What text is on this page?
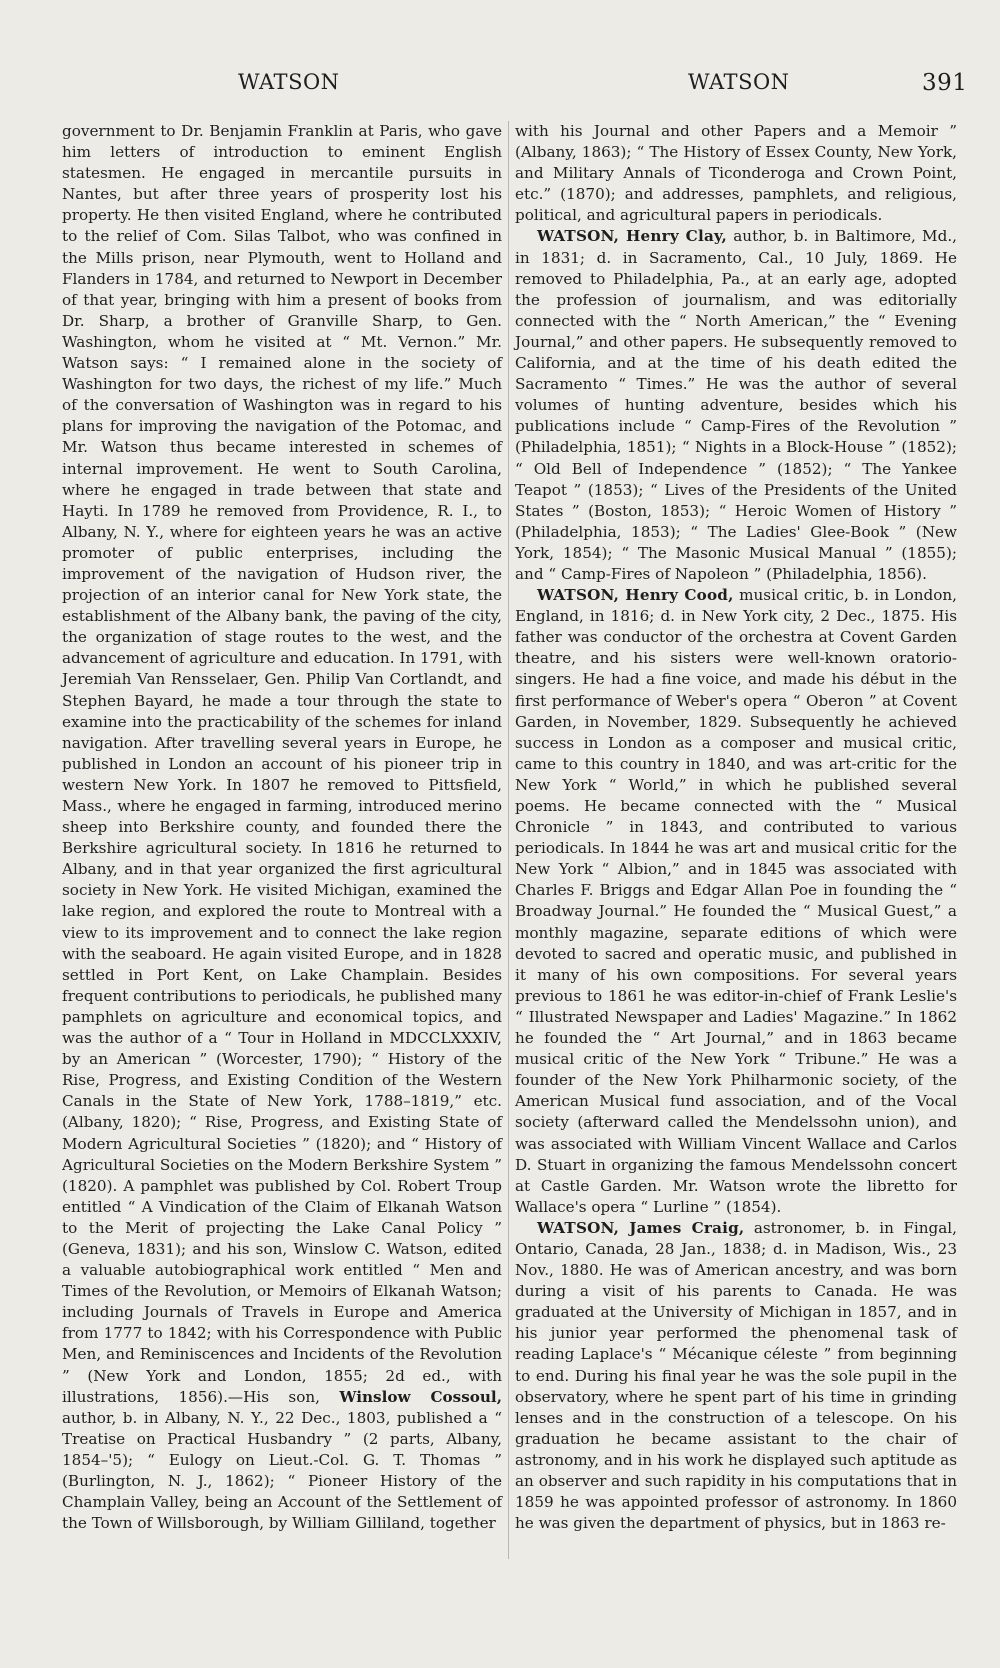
WATSON	WATSON	391

government to Dr. Benjamin Franklin at Paris, who gave him letters of introduction to eminent English statesmen. He engaged in mercantile pursuits in Nantes, but after three years of prosperity lost his property. He then visited England, where he contributed to the relief of Com. Silas Talbot, who was confined in the Mills prison, near Plymouth, went to Holland and Flanders in 1784, and returned to Newport in December of that year, bringing with him a present of books from Dr. Sharp, a brother of Granville Sharp, to Gen. Washington, whom he visited at “ Mt. Vernon.” Mr. Watson says: “ I remained alone in the society of Washington for two days, the richest of my life.” Much of the conversation of Washington was in regard to his plans for improving the navigation of the Potomac, and Mr. Watson thus became interested in schemes of internal improvement. He went to South Carolina, where he engaged in trade between that state and Hayti. In 1789 he removed from Providence, R. I., to Albany, N. Y., where for eighteen years he was an active promoter of public enterprises, including the improvement of the navigation of Hudson river, the projection of an interior canal for New York state, the establishment of the Albany bank, the paving of the city, the organization of stage routes to the west, and the advancement of agriculture and education. In 1791, with Jeremiah Van Rensselaer, Gen. Philip Van Cortlandt, and Stephen Bayard, he made a tour through the state to examine into the practicability of the schemes for inland navigation. After travelling several years in Europe, he published in London an account of his pioneer trip in western New York. In 1807 he removed to Pittsfield, Mass., where he engaged in farming, introduced merino sheep into Berkshire county, and founded there the Berkshire agricultural society. In 1816 he returned to Albany, and in that year organized the first agricultural society in New York. He visited Michigan, examined the lake region, and explored the route to Montreal with a view to its improvement and to connect the lake region with the seaboard. He again visited Europe, and in 1828 settled in Port Kent, on Lake Champlain. Besides frequent contributions to periodicals, he published many pamphlets on agriculture and economical topics, and was the author of a “ Tour in Holland in MDCCLXXXIV, by an American ” (Worcester, 1790); “ History of the Rise, Progress, and Existing Condition of the Western Canals in the State of New York, 1788–1819,” etc. (Albany, 1820); “ Rise, Progress, and Existing State of Modern Agricultural Societies ” (1820); and “ History of Agricultural Societies on the Modern Berkshire System ” (1820). A pamphlet was published by Col. Robert Troup entitled “ A Vindication of the Claim of Elkanah Watson to the Merit of projecting the Lake Canal Policy ” (Geneva, 1831); and his son, Winslow C. Watson, edited a valuable autobiographical work entitled “ Men and Times of the Revolution, or Memoirs of Elkanah Watson; including Journals of Travels in Europe and America from 1777 to 1842; with his Correspondence with Public Men, and Reminiscences and Incidents of the Revolution ” (New York and London, 1855; 2d ed., with illustrations, 1856).—His son, Winslow Cossoul, author, b. in Albany, N. Y., 22 Dec., 1803, published a “ Treatise on Practical Husbandry ” (2 parts, Albany, 1854–'5); “ Eulogy on Lieut.-Col. G. T. Thomas ” (Burlington, N. J., 1862); “ Pioneer History of the Champlain Valley, being an Account of the Settlement of the Town of Willsborough, by William Gilliland, together

with his Journal and other Papers and a Memoir ” (Albany, 1863); “ The History of Essex County, New York, and Military Annals of Ticonderoga and Crown Point, etc.” (1870); and addresses, pamphlets, and religious, political, and agricultural papers in periodicals.

WATSON, Henry Clay, author, b. in Baltimore, Md., in 1831; d. in Sacramento, Cal., 10 July, 1869. He removed to Philadelphia, Pa., at an early age, adopted the profession of journalism, and was editorially connected with the “ North American,” the “ Evening Journal,” and other papers. He subsequently removed to California, and at the time of his death edited the Sacramento “ Times.” He was the author of several volumes of hunting adventure, besides which his publications include “ Camp-Fires of the Revolution ” (Philadelphia, 1851); “ Nights in a Block-House ” (1852); “ Old Bell of Independence ” (1852); “ The Yankee Teapot ” (1853); “ Lives of the Presidents of the United States ” (Boston, 1853); “ Heroic Women of History ” (Philadelphia, 1853); “ The Ladies' Glee-Book ” (New York, 1854); “ The Masonic Musical Manual ” (1855); and “ Camp-Fires of Napoleon ” (Philadelphia, 1856).

WATSON, Henry Cood, musical critic, b. in London, England, in 1816; d. in New York city, 2 Dec., 1875. His father was conductor of the orchestra at Covent Garden theatre, and his sisters were well-known oratorio-singers. He had a fine voice, and made his début in the first performance of Weber's opera “ Oberon ” at Covent Garden, in November, 1829. Subsequently he achieved success in London as a composer and musical critic, came to this country in 1840, and was art-critic for the New York “ World,” in which he published several poems. He became connected with the “ Musical Chronicle ” in 1843, and contributed to various periodicals. In 1844 he was art and musical critic for the New York “ Albion,” and in 1845 was associated with Charles F. Briggs and Edgar Allan Poe in founding the “ Broadway Journal.” He founded the “ Musical Guest,” a monthly magazine, separate editions of which were devoted to sacred and operatic music, and published in it many of his own compositions. For several years previous to 1861 he was editor-in-chief of Frank Leslie's “ Illustrated Newspaper and Ladies' Magazine.” In 1862 he founded the “ Art Journal,” and in 1863 became musical critic of the New York “ Tribune.” He was a founder of the New York Philharmonic society, of the American Musical fund association, and of the Vocal society (afterward called the Mendelssohn union), and was associated with William Vincent Wallace and Carlos D. Stuart in organizing the famous Mendelssohn concert at Castle Garden. Mr. Watson wrote the libretto for Wallace's opera “ Lurline ” (1854).

WATSON, James Craig, astronomer, b. in Fingal, Ontario, Canada, 28 Jan., 1838; d. in Madison, Wis., 23 Nov., 1880. He was of American ancestry, and was born during a visit of his parents to Canada. He was graduated at the University of Michigan in 1857, and in his junior year performed the phenomenal task of reading Laplace's “ Mécanique céleste ” from beginning to end. During his final year he was the sole pupil in the observatory, where he spent part of his time in grinding lenses and in the construction of a telescope. On his graduation he became assistant to the chair of astronomy, and in his work he displayed such aptitude as an observer and such rapidity in his computations that in 1859 he was appointed professor of astronomy. In 1860 he was given the department of physics, but in 1863 re-
